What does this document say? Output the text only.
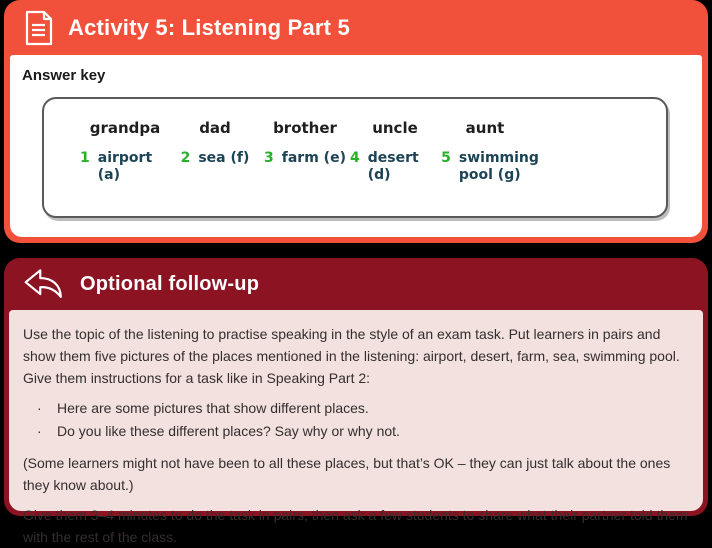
Activity 5: Listening Part 5
Answer key
grandpa
1 airport (a)
dad
2 sea (f)
brother
3 farm (e)
uncle
4 desert (d)
aunt
5 swimming pool (g)
Optional follow-up

Use the topic of the listening to practise speaking in the style of an exam task. Put learners in pairs and show them five pictures of the places mentioned in the listening: airport, desert, farm, sea, swimming pool. Give them instructions for a task like in Speaking Part 2:

·	Here are some pictures that show different places.
·	Do you like these different places? Say why or why not.

(Some learners might not have been to all these places, but that’s OK – they can just talk about the ones they know about.)

Give them 3–4 minutes to do the task in pairs, then ask a few students to share what their partner told them with the rest of the class.
